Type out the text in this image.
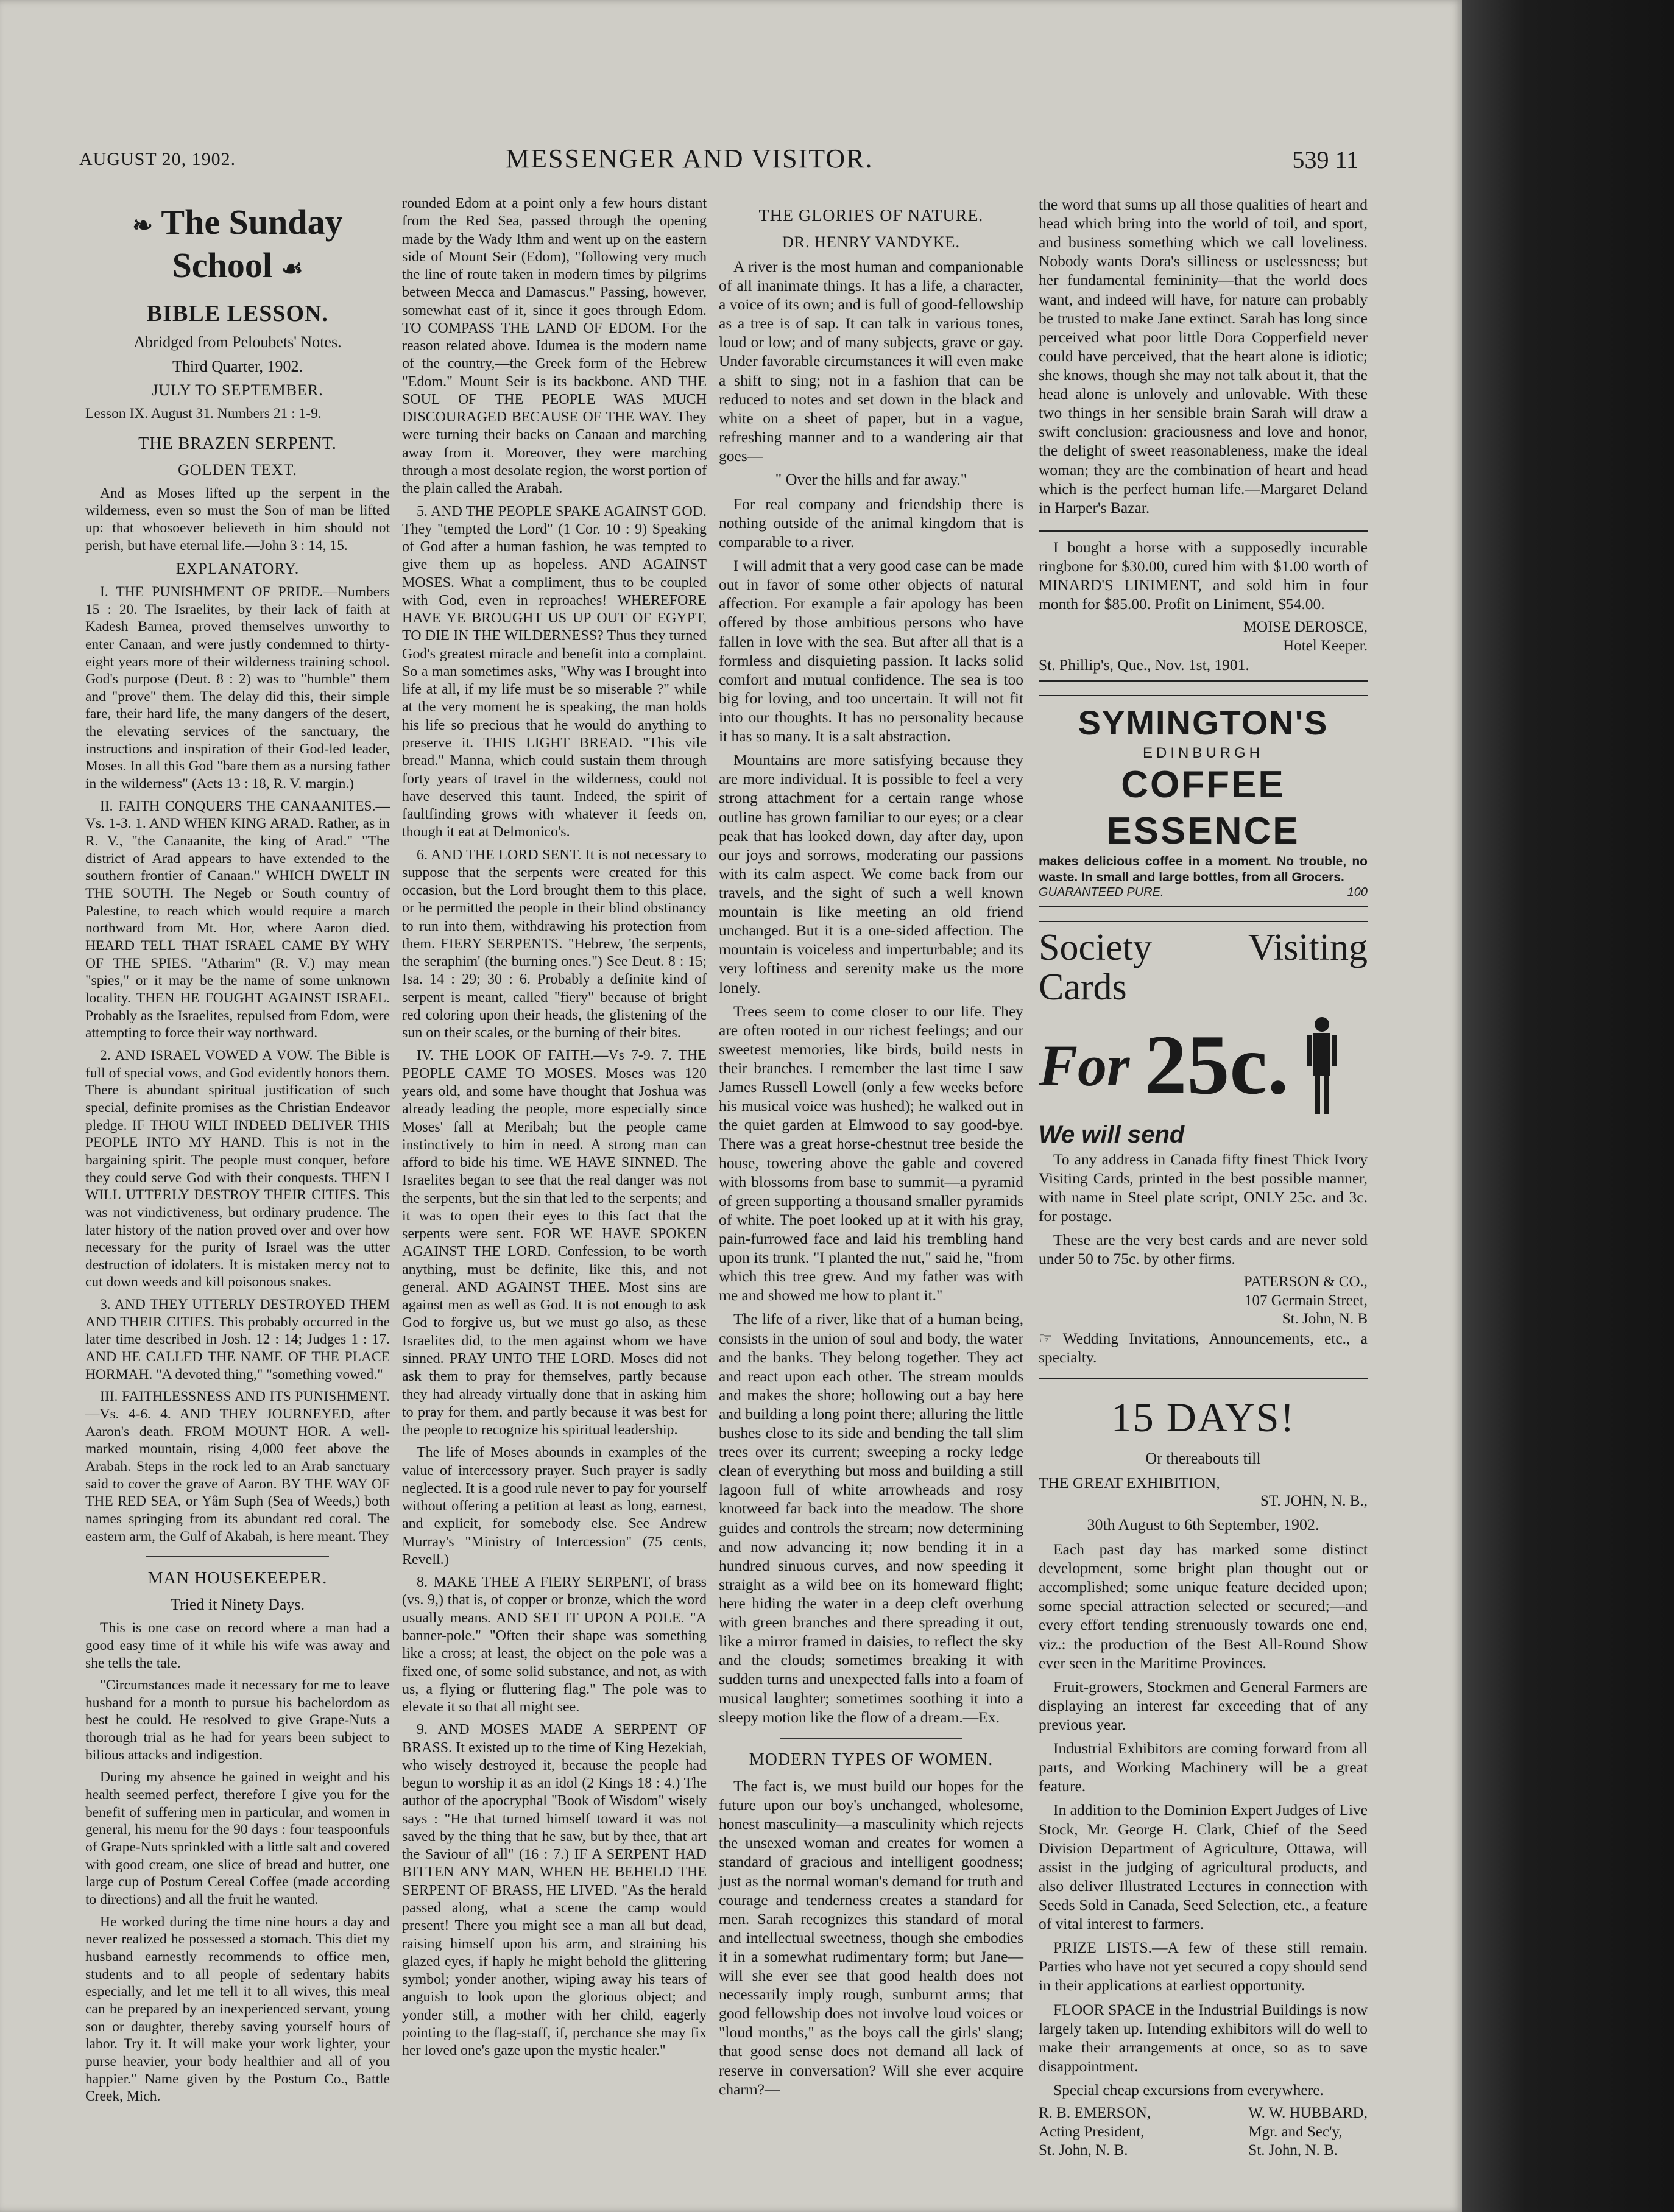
AUGUST 20, 1902.	MESSENGER AND VISITOR.	539 11
❧ The Sunday School ☙
BIBLE LESSON.
Abridged from Peloubets' Notes.
Third Quarter, 1902.
JULY TO SEPTEMBER.

Lesson IX. August 31. Numbers 21 : 1-9.

THE BRAZEN SERPENT.
GOLDEN TEXT.

And as Moses lifted up the serpent in the wilderness, even so must the Son of man be lifted up: that whosoever believeth in him should not perish, but have eternal life.—John 3 : 14, 15.

EXPLANATORY.

I. THE PUNISHMENT OF PRIDE.—Numbers 15 : 20. The Israelites, by their lack of faith at Kadesh Barnea, proved themselves unworthy to enter Canaan, and were justly condemned to thirty-eight years more of their wilderness training school. God's purpose (Deut. 8 : 2) was to "humble" them and "prove" them. The delay did this, their simple fare, their hard life, the many dangers of the desert, the elevating services of the sanctuary, the instructions and inspiration of their God-led leader, Moses. In all this God "bare them as a nursing father in the wilderness" (Acts 13 : 18, R. V. margin.)

II. FAITH CONQUERS THE CANAANITES.—Vs. 1-3. 1. AND WHEN KING ARAD. Rather, as in R. V., "the Canaanite, the king of Arad." "The district of Arad appears to have extended to the southern frontier of Canaan." WHICH DWELT IN THE SOUTH. The Negeb or South country of Palestine, to reach which would require a march northward from Mt. Hor, where Aaron died. HEARD TELL THAT ISRAEL CAME BY WHY OF THE SPIES. "Atharim" (R. V.) may mean "spies," or it may be the name of some unknown locality. THEN HE FOUGHT AGAINST ISRAEL. Probably as the Israelites, repulsed from Edom, were attempting to force their way northward.

2. AND ISRAEL VOWED A VOW. The Bible is full of special vows, and God evidently honors them. There is abundant spiritual justification of such special, definite promises as the Christian Endeavor pledge. IF THOU WILT INDEED DELIVER THIS PEOPLE INTO MY HAND. This is not in the bargaining spirit. The people must conquer, before they could serve God with their conquests. THEN I WILL UTTERLY DESTROY THEIR CITIES. This was not vindictiveness, but ordinary prudence. The later history of the nation proved over and over how necessary for the purity of Israel was the utter destruction of idolaters. It is mistaken mercy not to cut down weeds and kill poisonous snakes.

3. AND THEY UTTERLY DESTROYED THEM AND THEIR CITIES. This probably occurred in the later time described in Josh. 12 : 14; Judges 1 : 17. AND HE CALLED THE NAME OF THE PLACE HORMAH. "A devoted thing," "something vowed."

III. FAITHLESSNESS AND ITS PUNISHMENT.—Vs. 4-6. 4. AND THEY JOURNEYED, after Aaron's death. FROM MOUNT HOR. A well-marked mountain, rising 4,000 feet above the Arabah. Steps in the rock led to an Arab sanctuary said to cover the grave of Aaron. BY THE WAY OF THE RED SEA, or Yâm Suph (Sea of Weeds,) both names springing from its abundant red coral. The eastern arm, the Gulf of Akabah, is here meant. They

MAN HOUSEKEEPER.
Tried it Ninety Days.

This is one case on record where a man had a good easy time of it while his wife was away and she tells the tale.

"Circumstances made it necessary for me to leave husband for a month to pursue his bachelordom as best he could. He resolved to give Grape-Nuts a thorough trial as he had for years been subject to bilious attacks and indigestion.

During my absence he gained in weight and his health seemed perfect, therefore I give you for the benefit of suffering men in particular, and women in general, his menu for the 90 days : four teaspoonfuls of Grape-Nuts sprinkled with a little salt and covered with good cream, one slice of bread and butter, one large cup of Postum Cereal Coffee (made according to directions) and all the fruit he wanted.

He worked during the time nine hours a day and never realized he possessed a stomach. This diet my husband earnestly recommends to office men, students and to all people of sedentary habits especially, and let me tell it to all wives, this meal can be prepared by an inexperienced servant, young son or daughter, thereby saving yourself hours of labor. Try it. It will make your work lighter, your purse heavier, your body healthier and all of you happier." Name given by the Postum Co., Battle Creek, Mich.

rounded Edom at a point only a few hours distant from the Red Sea, passed through the opening made by the Wady Ithm and went up on the eastern side of Mount Seir (Edom), "following very much the line of route taken in modern times by pilgrims between Mecca and Damascus." Passing, however, somewhat east of it, since it goes through Edom. TO COMPASS THE LAND OF EDOM. For the reason related above. Idumea is the modern name of the country,—the Greek form of the Hebrew "Edom." Mount Seir is its backbone. AND THE SOUL OF THE PEOPLE WAS MUCH DISCOURAGED BECAUSE OF THE WAY. They were turning their backs on Canaan and marching away from it. Moreover, they were marching through a most desolate region, the worst portion of the plain called the Arabah.

5. AND THE PEOPLE SPAKE AGAINST GOD. They "tempted the Lord" (1 Cor. 10 : 9) Speaking of God after a human fashion, he was tempted to give them up as hopeless. AND AGAINST MOSES. What a compliment, thus to be coupled with God, even in reproaches! WHEREFORE HAVE YE BROUGHT US UP OUT OF EGYPT, TO DIE IN THE WILDERNESS? Thus they turned God's greatest miracle and benefit into a complaint. So a man sometimes asks, "Why was I brought into life at all, if my life must be so miserable ?" while at the very moment he is speaking, the man holds his life so precious that he would do anything to preserve it. THIS LIGHT BREAD. "This vile bread." Manna, which could sustain them through forty years of travel in the wilderness, could not have deserved this taunt. Indeed, the spirit of faultfinding grows with whatever it feeds on, though it eat at Delmonico's.

6. AND THE LORD SENT. It is not necessary to suppose that the serpents were created for this occasion, but the Lord brought them to this place, or he permitted the people in their blind obstinancy to run into them, withdrawing his protection from them. FIERY SERPENTS. "Hebrew, 'the serpents, the seraphim' (the burning ones.") See Deut. 8 : 15; Isa. 14 : 29; 30 : 6. Probably a definite kind of serpent is meant, called "fiery" because of bright red coloring upon their heads, the glistening of the sun on their scales, or the burning of their bites.

IV. THE LOOK OF FAITH.—Vs 7-9. 7. THE PEOPLE CAME TO MOSES. Moses was 120 years old, and some have thought that Joshua was already leading the people, more especially since Moses' fall at Meribah; but the people came instinctively to him in need. A strong man can afford to bide his time. WE HAVE SINNED. The Israelites began to see that the real danger was not the serpents, but the sin that led to the serpents; and it was to open their eyes to this fact that the serpents were sent. FOR WE HAVE SPOKEN AGAINST THE LORD. Confession, to be worth anything, must be definite, like this, and not general. AND AGAINST THEE. Most sins are against men as well as God. It is not enough to ask God to forgive us, but we must go also, as these Israelites did, to the men against whom we have sinned. PRAY UNTO THE LORD. Moses did not ask them to pray for themselves, partly because they had already virtually done that in asking him to pray for them, and partly because it was best for the people to recognize his spiritual leadership.

The life of Moses abounds in examples of the value of intercessory prayer. Such prayer is sadly neglected. It is a good rule never to pay for yourself without offering a petition at least as long, earnest, and explicit, for somebody else. See Andrew Murray's "Ministry of Intercession" (75 cents, Revell.)

8. MAKE THEE A FIERY SERPENT, of brass (vs. 9,) that is, of copper or bronze, which the word usually means. AND SET IT UPON A POLE. "A banner-pole." "Often their shape was something like a cross; at least, the object on the pole was a fixed one, of some solid substance, and not, as with us, a flying or fluttering flag." The pole was to elevate it so that all might see.

9. AND MOSES MADE A SERPENT OF BRASS. It existed up to the time of King Hezekiah, who wisely destroyed it, because the people had begun to worship it as an idol (2 Kings 18 : 4.) The author of the apocryphal "Book of Wisdom" wisely says : "He that turned himself toward it was not saved by the thing that he saw, but by thee, that art the Saviour of all" (16 : 7.) IF A SERPENT HAD BITTEN ANY MAN, WHEN HE BEHELD THE SERPENT OF BRASS, HE LIVED. "As the herald passed along, what a scene the camp would present! There you might see a man all but dead, raising himself upon his arm, and straining his glazed eyes, if haply he might behold the glittering symbol; yonder another, wiping away his tears of anguish to look upon the glorious object; and yonder still, a mother with her child, eagerly pointing to the flag-staff, if, perchance she may fix her loved one's gaze upon the mystic healer."

THE GLORIES OF NATURE.
DR. HENRY VANDYKE.

A river is the most human and companionable of all inanimate things. It has a life, a character, a voice of its own; and is full of good-fellowship as a tree is of sap. It can talk in various tones, loud or low; and of many subjects, grave or gay. Under favorable circumstances it will even make a shift to sing; not in a fashion that can be reduced to notes and set down in the black and white on a sheet of paper, but in a vague, refreshing manner and to a wandering air that goes—

" Over the hills and far away."

For real company and friendship there is nothing outside of the animal kingdom that is comparable to a river.

I will admit that a very good case can be made out in favor of some other objects of natural affection. For example a fair apology has been offered by those ambitious persons who have fallen in love with the sea. But after all that is a formless and disquieting passion. It lacks solid comfort and mutual confidence. The sea is too big for loving, and too uncertain. It will not fit into our thoughts. It has no personality because it has so many. It is a salt abstraction.

Mountains are more satisfying because they are more individual. It is possible to feel a very strong attachment for a certain range whose outline has grown familiar to our eyes; or a clear peak that has looked down, day after day, upon our joys and sorrows, moderating our passions with its calm aspect. We come back from our travels, and the sight of such a well known mountain is like meeting an old friend unchanged. But it is a one-sided affection. The mountain is voiceless and imperturbable; and its very loftiness and serenity make us the more lonely.

Trees seem to come closer to our life. They are often rooted in our richest feelings; and our sweetest memories, like birds, build nests in their branches. I remember the last time I saw James Russell Lowell (only a few weeks before his musical voice was hushed); he walked out in the quiet garden at Elmwood to say good-bye. There was a great horse-chestnut tree beside the house, towering above the gable and covered with blossoms from base to summit—a pyramid of green supporting a thousand smaller pyramids of white. The poet looked up at it with his gray, pain-furrowed face and laid his trembling hand upon its trunk. "I planted the nut," said he, "from which this tree grew. And my father was with me and showed me how to plant it."

The life of a river, like that of a human being, consists in the union of soul and body, the water and the banks. They belong together. They act and react upon each other. The stream moulds and makes the shore; hollowing out a bay here and building a long point there; alluring the little bushes close to its side and bending the tall slim trees over its current; sweeping a rocky ledge clean of everything but moss and building a still lagoon full of white arrowheads and rosy knotweed far back into the meadow. The shore guides and controls the stream; now determining and now advancing it; now bending it in a hundred sinuous curves, and now speeding it straight as a wild bee on its homeward flight; here hiding the water in a deep cleft overhung with green branches and there spreading it out, like a mirror framed in daisies, to reflect the sky and the clouds; sometimes breaking it with sudden turns and unexpected falls into a foam of musical laughter; sometimes soothing it into a sleepy motion like the flow of a dream.—Ex.

MODERN TYPES OF WOMEN.

The fact is, we must build our hopes for the future upon our boy's unchanged, wholesome, honest masculinity—a masculinity which rejects the unsexed woman and creates for women a standard of gracious and intelligent goodness; just as the normal woman's demand for truth and courage and tenderness creates a standard for men. Sarah recognizes this standard of moral and intellectual sweetness, though she embodies it in a somewhat rudimentary form; but Jane—will she ever see that good health does not necessarily imply rough, sunburnt arms; that good fellowship does not involve loud voices or "loud months," as the boys call the girls' slang; that good sense does not demand all lack of reserve in conversation? Will she ever acquire charm?—

the word that sums up all those qualities of heart and head which bring into the world of toil, and sport, and business something which we call loveliness. Nobody wants Dora's silliness or uselessness; but her fundamental femininity—that the world does want, and indeed will have, for nature can probably be trusted to make Jane extinct. Sarah has long since perceived what poor little Dora Copperfield never could have perceived, that the heart alone is idiotic; she knows, though she may not talk about it, that the head alone is unlovely and unlovable. With these two things in her sensible brain Sarah will draw a swift conclusion: graciousness and love and honor, the delight of sweet reasonableness, make the ideal woman; they are the combination of heart and head which is the perfect human life.—Margaret Deland in Harper's Bazar.

I bought a horse with a supposedly incurable ringbone for $30.00, cured him with $1.00 worth of MINARD'S LINIMENT, and sold him in four month for $85.00. Profit on Liniment, $54.00.

MOISE DEROSCE,
Hotel Keeper.
St. Phillip's, Que., Nov. 1st, 1901.
SYMINGTON'S
EDINBURGH
COFFEE ESSENCE
makes delicious coffee in a moment. No trouble, no waste. In small and large bottles, from all Grocers.
GUARANTEED PURE.	100
Society Visiting Cards
For 25c.
We will send

To any address in Canada fifty finest Thick Ivory Visiting Cards, printed in the best possible manner, with name in Steel plate script, ONLY 25c. and 3c. for postage.

These are the very best cards and are never sold under 50 to 75c. by other firms.

PATERSON & CO.,
107 Germain Street,
St. John, N. B

☞ Wedding Invitations, Announcements, etc., a specialty.

15 DAYS!
Or thereabouts till
THE GREAT EXHIBITION,
ST. JOHN, N. B.,
30th August to 6th September, 1902.

Each past day has marked some distinct development, some bright plan thought out or accomplished; some unique feature decided upon; some special attraction selected or secured;—and every effort tending strenuously towards one end, viz.: the production of the Best All-Round Show ever seen in the Maritime Provinces.

Fruit-growers, Stockmen and General Farmers are displaying an interest far exceeding that of any previous year.

Industrial Exhibitors are coming forward from all parts, and Working Machinery will be a great feature.

In addition to the Dominion Expert Judges of Live Stock, Mr. George H. Clark, Chief of the Seed Division Department of Agriculture, Ottawa, will assist in the judging of agricultural products, and also deliver Illustrated Lectures in connection with Seeds Sold in Canada, Seed Selection, etc., a feature of vital interest to farmers.

PRIZE LISTS.—A few of these still remain. Parties who have not yet secured a copy should send in their applications at earliest opportunity.

FLOOR SPACE in the Industrial Buildings is now largely taken up. Intending exhibitors will do well to make their arrangements at once, so as to save disappointment.

Special cheap excursions from everywhere.

R. B. EMERSON,
Acting President,
St. John, N. B.
W. W. HUBBARD,
Mgr. and Sec'y,
St. John, N. B.
